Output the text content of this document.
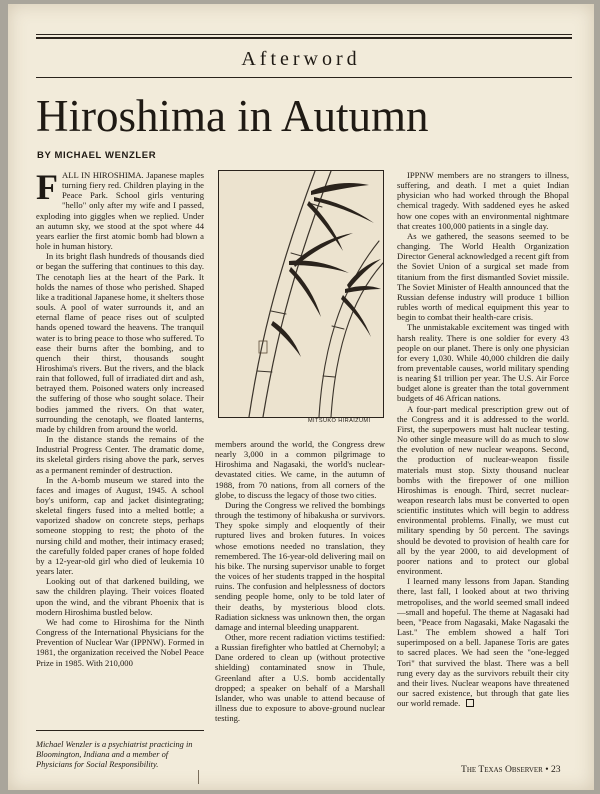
Afterword
Hiroshima in Autumn
BY MICHAEL WENZLER

FALL IN HIROSHIMA. Japanese maples turning fiery red. Children playing in the Peace Park. School girls venturing "hello" only after my wife and I passed, exploding into giggles when we replied. Under an autumn sky, we stood at the spot where 44 years earlier the first atomic bomb had blown a hole in human history.

In its bright flash hundreds of thousands died or began the suffering that continues to this day. The cenotaph lies at the heart of the Park. It holds the names of those who perished. Shaped like a traditional Japanese home, it shelters those souls. A pool of water surrounds it, and an eternal flame of peace rises out of sculpted hands opened toward the heavens. The tranquil water is to bring peace to those who suffered. To ease their burns after the bombing, and to quench their thirst, thousands sought Hiroshima's rivers. But the rivers, and the black rain that followed, full of irradiated dirt and ash, betrayed them. Poisoned waters only increased the suffering of those who sought solace. Their bodies jammed the rivers. On that water, surrounding the cenotaph, we floated lanterns, made by children from around the world.

In the distance stands the remains of the Industrial Progress Center. The dramatic dome, its skeletal girders rising above the park, serves as a permanent reminder of destruction.

In the A-bomb museum we stared into the faces and images of August, 1945. A school boy's uniform, cap and jacket disintegrating; skeletal fingers fused into a melted bottle; a vaporized shadow on concrete steps, perhaps someone stopping to rest; the photo of the nursing child and mother, their intimacy erased; the carefully folded paper cranes of hope folded by a 12-year-old girl who died of leukemia 10 years later.

Looking out of that darkened building, we saw the children playing. Their voices floated upon the wind, and the vibrant Phoenix that is modern Hiroshima bustled below.

We had come to Hiroshima for the Ninth Congress of the International Physicians for the Prevention of Nuclear War (IPPNW). Formed in 1981, the organization received the Nobel Peace Prize in 1985. With 210,000

Michael Wenzler is a psychiatrist practicing in Bloomington, Indiana and a member of Physicians for Social Responsibility.
MITSUKO HIRAIZUMI

members around the world, the Congress drew nearly 3,000 in a common pilgrimage to Hiroshima and Nagasaki, the world's nuclear-devastated cities. We came, in the autumn of 1988, from 70 nations, from all corners of the globe, to discuss the legacy of those two cities.

During the Congress we relived the bombings through the testimony of hibakusha or survivors. They spoke simply and eloquently of their ruptured lives and broken futures. In voices whose emotions needed no translation, they remembered. The 16-year-old delivering mail on his bike. The nursing supervisor unable to forget the voices of her students trapped in the hospital ruins. The confusion and helplessness of doctors sending people home, only to be told later of their deaths, by mysterious blood clots. Radiation sickness was unknown then, the organ damage and internal bleeding unapparent.

Other, more recent radiation victims testified: a Russian firefighter who battled at Chernobyl; a Dane ordered to clean up (without protective shielding) contaminated snow in Thule, Greenland after a U.S. bomb accidentally dropped; a speaker on behalf of a Marshall Islander, who was unable to attend because of illness due to exposure to above-ground nuclear testing.

IPPNW members are no strangers to illness, suffering, and death. I met a quiet Indian physician who had worked through the Bhopal chemical tragedy. With saddened eyes he asked how one copes with an environmental nightmare that creates 100,000 patients in a single day.

As we gathered, the seasons seemed to be changing. The World Health Organization Director General acknowledged a recent gift from the Soviet Union of a surgical set made from titanium from the first dismantled Soviet missile. The Soviet Minister of Health announced that the Russian defense industry will produce 1 billion rubles worth of medical equipment this year to begin to combat their health-care crisis.

The unmistakable excitement was tinged with harsh reality. There is one soldier for every 43 people on our planet. There is only one physician for every 1,030. While 40,000 children die daily from preventable causes, world military spending is nearing $1 trillion per year. The U.S. Air Force budget alone is greater than the total government budgets of 46 African nations.

A four-part medical prescription grew out of the Congress and it is addressed to the world. First, the superpowers must halt nuclear testing. No other single measure will do as much to slow the evolution of new nuclear weapons. Second, the production of nuclear-weapon fissile materials must stop. Sixty thousand nuclear bombs with the firepower of one million Hiroshimas is enough. Third, secret nuclear-weapon research labs must be converted to open scientific institutes which will begin to address environmental problems. Finally, we must cut military spending by 50 percent. The savings should be devoted to provision of health care for all by the year 2000, to aid development of poorer nations and to protect our global environment.

I learned many lessons from Japan. Standing there, last fall, I looked about at two thriving metropolises, and the world seemed small indeed —small and hopeful. The theme at Nagasaki had been, "Peace from Nagasaki, Make Nagasaki the Last." The emblem showed a half Tori superimposed on a bell. Japanese Toris are gates to sacred places. We had seen the "one-legged Tori" that survived the blast. There was a bell rung every day as the survivors rebuilt their city and their lives. Nuclear weapons have threatened our sacred existence, but through that gate lies our world remade.

The Texas Observer • 23
